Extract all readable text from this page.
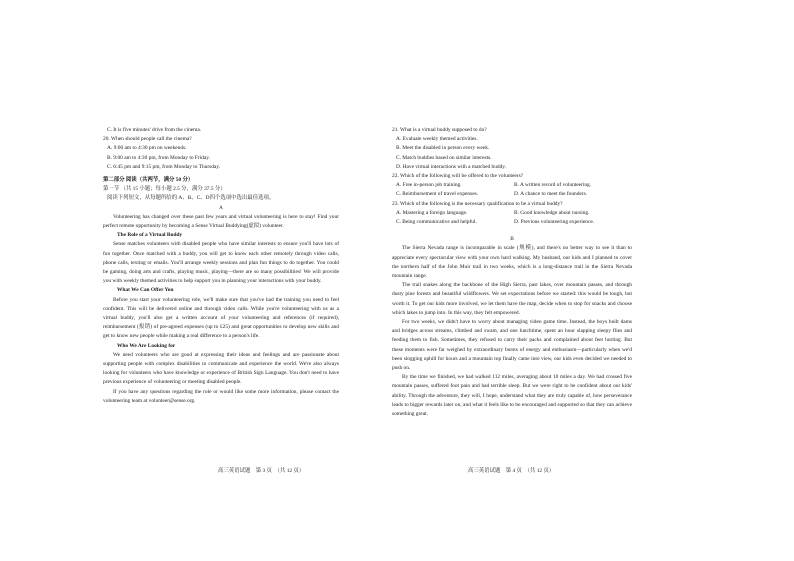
C. It is five minutes' drive from the cinema.

20. When should people call the cinema?

A. 9:00 am to 4:30 pm on weekends.

B. 9:00 am to 4:30 pm, from Monday to Friday.

C. 6:45 pm and 9:15 pm, from Monday to Thursday.

第二部分 阅读（共两节，满分 50 分）

第一节 （共 15 小题；每小题 2.5 分，满分 37.5 分）

阅读下列短文，从每题所给的 A、B、C、D四个选项中选出最佳选项。

A

Volunteering has changed over these past few years and virtual volunteering is here to stay! Find your perfect remote opportunity by becoming a Sense Virtual Buddying(虚拟) volunteer.

The Role of a Virtual Buddy

Sense matches volunteers with disabled people who have similar interests to ensure you'll have lots of fun together. Once matched with a buddy, you will get to know each other remotely through video calls, phone calls, texting or emails. You'll arrange weekly sessions and plan fun things to do together. You could be gaming, doing arts and crafts, playing music, playing—there are so many possibilities! We will provide you with weekly themed activities to help support you in planning your interactions with your buddy.

What We Can Offer You

Before you start your volunteering role, we'll make sure that you've had the training you need to feel confident. This will be delivered online and through video calls. While you're volunteering with us as a virtual buddy, you'll also get a written account of your volunteering and references (if required), reimbursement (报销) of pre-agreed expenses (up to £25) and great opportunities to develop new skills and get to know new people while making a real difference to a person's life.

Who We Are Looking for

We need volunteers who are good at expressing their ideas and feelings and are passionate about supporting people with complex disabilities to communicate and experience the world. We're also always looking for volunteers who have knowledge or experience of British Sign Language. You don't need to have previous experience of volunteering or meeting disabled people.

If you have any questions regarding the role or would like some more information, please contact the volunteering team at volunteer@sense.org.

21. What is a virtual buddy supposed to do?

A. Evaluate weekly themed activities.

B. Meet the disabled in person every week.

C. Match buddies based on similar interests.

D. Have virtual interactions with a matched buddy.

22. Which of the following will be offered to the volunteers?

A. Free in-person job training.	B. A written record of volunteering.
C. Reimbursement of travel expenses.	D. A chance to meet the founders.

23. Which of the following is the necessary qualification to be a virtual buddy?

A. Mastering a foreign language.	B. Good knowledge about nursing.
C. Being communicative and helpful.	D. Previous volunteering experience.

B

The Sierra Nevada range is incomparable in scale (规模), and there's no better way to see it than to appreciate every spectacular view with your own hard walking. My husband, our kids and I planned to cover the northern half of the John Muir trail in two weeks, which is a long-distance trail in the Sierra Nevada mountain range.

The trail snakes along the backbone of the High Sierra, past lakes, over mountain passes, and through dusty pine forests and beautiful wildflowers. We set expectations before we started: this would be tough, but worth it. To get our kids more involved, we let them have the map, decide when to stop for snacks and choose which lakes to jump into. In this way, they felt empowered.

For two weeks, we didn't have to worry about managing video game time. Instead, the boys built dams and bridges across streams, climbed and swam, and one lunchtime, spent an hour slapping sleepy flies and feeding them to fish. Sometimes, they refused to carry their packs and complained about feet hurting. But these moments were far weighed by extraordinary bursts of energy and enthusiasm—particularly when we'd been slogging uphill for hours and a mountain top finally came into view, our kids even decided we needed to push on.

By the time we finished, we had walked 112 miles, averaging about 10 miles a day. We had crossed five mountain passes, suffered foot pain and had terrible sleep. But we were right to be confident about our kids' ability. Through the adventure, they will, I hope, understand what they are truly capable of, how perseverance leads to bigger rewards later on, and what it feels like to be encouraged and supported so that they can achieve something great.

高三英语试题　第 3 页　（共 12 页）	高三英语试题　第 4 页　（共 12 页）
